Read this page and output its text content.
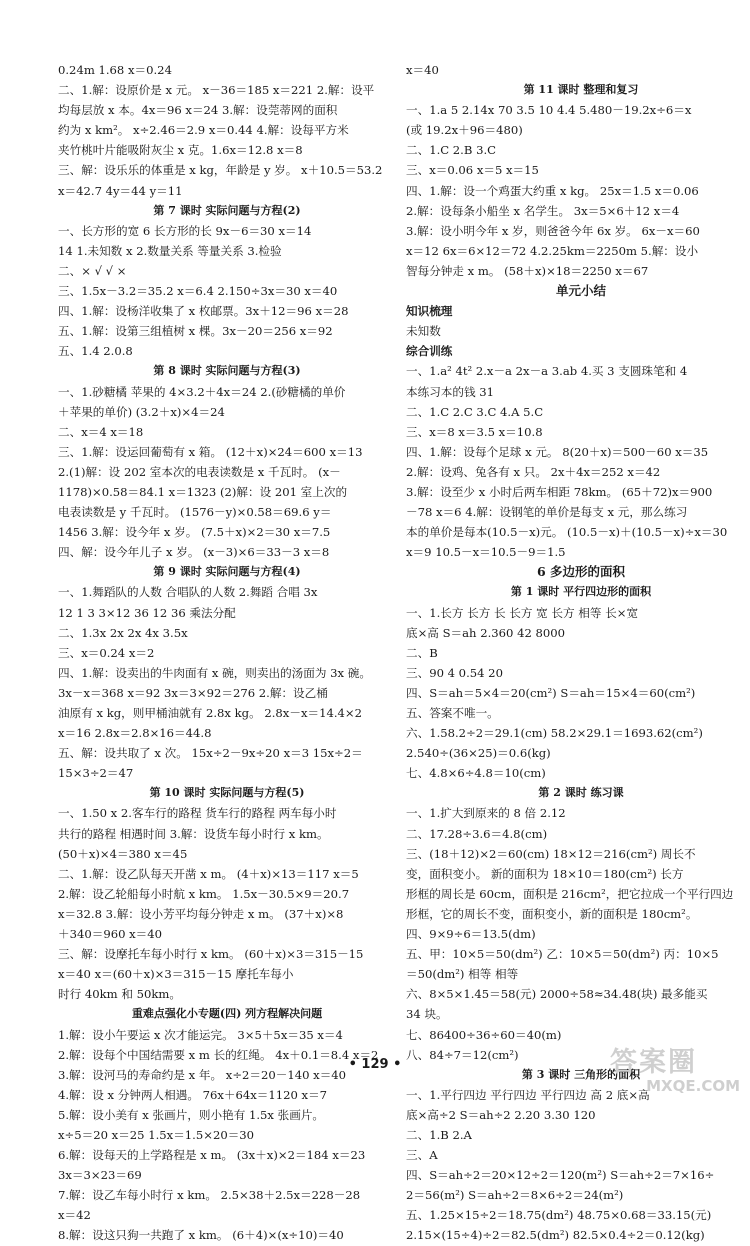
0.24m 1.68 x＝0.24
二、1.解：设原价是 x 元。 x－36＝185 x＝221 2.解：设平
均每层放 x 本。4x＝96 x＝24 3.解：设莞蒂网的面积
约为 x km²。 x÷2.46＝2.9 x＝0.44 4.解：设每平方米
夹竹桃叶片能吸附灰尘 x 克。1.6x＝12.8 x＝8
三、解：设乐乐的体重是 x kg，年龄是 y 岁。 x＋10.5＝53.2
x＝42.7 4y＝44 y＝11
第 7 课时 实际问题与方程(2)
一、长方形的宽 6 长方形的长 9x－6＝30 x＝14
14 1.未知数 x 2.数量关系 等量关系 3.检验
二、× √ √ ×
三、1.5x－3.2＝35.2 x＝6.4 2.150÷3x＝30 x＝40
四、1.解：设杨洋收集了 x 枚邮票。3x＋12＝96 x＝28
五、1.解：设第三组植树 x 棵。3x－20＝256 x＝92
五、1.4 2.0.8
第 8 课时 实际问题与方程(3)
一、1.砂糖橘 苹果的 4×3.2＋4x＝24 2.(砂糖橘的单价
＋苹果的单价) (3.2＋x)×4＝24
二、x＝4 x＝18
三、1.解：设运回葡萄有 x 箱。 (12＋x)×24＝600 x＝13
2.(1)解：设 202 室本次的电表读数是 x 千瓦时。 (x－
1178)×0.58＝84.1 x＝1323 (2)解：设 201 室上次的
电表读数是 y 千瓦时。 (1576－y)×0.58＝69.6 y＝
1456 3.解：设今年 x 岁。 (7.5＋x)×2＝30 x＝7.5
四、解：设今年儿子 x 岁。 (x－3)×6＝33－3 x＝8
第 9 课时 实际问题与方程(4)
一、1.舞蹈队的人数 合唱队的人数 2.舞蹈 合唱 3x
12 1 3 3×12 36 12 36 乘法分配
二、1.3x 2x 2x 4x 3.5x
三、x＝0.24 x＝2
四、1.解：设卖出的牛肉面有 x 碗，则卖出的汤面为 3x 碗。
3x－x＝368 x＝92 3x＝3×92＝276 2.解：设乙桶
油原有 x kg，则甲桶油就有 2.8x kg。 2.8x－x＝14.4×2
x＝16 2.8x＝2.8×16＝44.8
五、解：设共取了 x 次。 15x÷2－9x÷20 x＝3 15x÷2＝
15×3÷2＝47
第 10 课时 实际问题与方程(5)
一、1.50 x 2.客车行的路程 货车行的路程 两车每小时
共行的路程 相遇时间 3.解：设货车每小时行 x km。
(50＋x)×4＝380 x＝45
二、1.解：设乙队每天开凿 x m。 (4＋x)×13＝117 x＝5
2.解：设乙轮船每小时航 x km。 1.5x－30.5×9＝20.7
x＝32.8 3.解：设小芳平均每分钟走 x m。 (37＋x)×8
＋340＝960 x＝40
三、解：设摩托车每小时行 x km。 (60＋x)×3＝315－15
x＝40 x＝(60＋x)×3＝315－15 摩托车每小
时行 40km 和 50km。
重难点强化小专题(四) 列方程解决问题
1.解：设小午要运 x 次才能运完。 3×5＋5x＝35 x＝4
2.解：设每个中国结需要 x m 长的红绳。 4x＋0.1＝8.4 x＝2
3.解：设河马的寿命约是 x 年。 x÷2＝20－140 x＝40
4.解：设 x 分钟两人相遇。 76x＋64x＝1120 x＝7
5.解：设小美有 x 张画片，则小艳有 1.5x 张画片。
x÷5＝20 x＝25 1.5x＝1.5×20＝30
6.解：设每天的上学路程是 x m。 (3x＋x)×2＝184 x＝23
3x＝3×23＝69
7.解：设乙车每小时行 x km。 2.5×38＋2.5x＝228－28
x＝42
8.解：设这只狗一共跑了 x km。 (6＋4)×(x÷10)＝40
x＝40
第 11 课时 整理和复习
一、1.a 5 2.14x 70 3.5 10 4.4 5.480－19.2x÷6＝x
(或 19.2x＋96＝480)
二、1.C 2.B 3.C
三、x＝0.06 x＝5 x＝15
四、1.解：设一个鸡蛋大约重 x kg。 25x＝1.5 x＝0.06
2.解：设每条小船坐 x 名学生。 3x＝5×6＋12 x＝4
3.解：设小明今年 x 岁，则爸爸今年 6x 岁。 6x－x＝60
x＝12 6x＝6×12＝72 4.2.25km＝2250m 5.解：设小
智每分钟走 x m。 (58＋x)×18＝2250 x＝67
单元小结
知识梳理
未知数
综合训练
一、1.a² 4t² 2.x－a 2x－a 3.ab 4.买 3 支圆珠笔和 4
本练习本的钱 31
二、1.C 2.C 3.C 4.A 5.C
三、x＝8 x＝3.5 x＝10.8
四、1.解：设每个足球 x 元。 8(20＋x)＝500－60 x＝35
2.解：设鸡、兔各有 x 只。 2x＋4x＝252 x＝42
3.解：设至少 x 小时后两车相距 78km。 (65＋72)x＝900
－78 x＝6 4.解：设钢笔的单价是每支 x 元，那么练习
本的单价是每本(10.5－x)元。 (10.5－x)＋(10.5－x)÷x＝30
x＝9 10.5－x＝10.5－9＝1.5
6 多边形的面积
第 1 课时 平行四边形的面积
一、1.长方 长方 长 长方 宽 长方 相等 长×宽
底×高 S＝ah 2.360 42 8000
二、B
三、90 4 0.54 20
四、S＝ah＝5×4＝20(cm²) S＝ah＝15×4＝60(cm²)
五、答案不唯一。
六、1.58.2÷2＝29.1(cm) 58.2×29.1＝1693.62(cm²)
2.540÷(36×25)＝0.6(kg)
七、4.8×6÷4.8＝10(cm)
第 2 课时 练习课
一、1.扩大到原来的 8 倍 2.12
二、17.28÷3.6＝4.8(cm)
三、(18＋12)×2＝60(cm) 18×12＝216(cm²) 周长不
变，面积变小。 新的面积为 18×10＝180(cm²) 长方
形框的周长是 60cm，面积是 216cm²，把它拉成一个平行四边
形框，它的周长不变，面积变小，新的面积是 180cm²。
四、9×9÷6＝13.5(dm)
五、甲：10×5＝50(dm²) 乙：10×5＝50(dm²) 丙：10×5
＝50(dm²) 相等 相等
六、8×5×1.45＝58(元) 2000÷58≈34.48(块) 最多能买
34 块。
七、86400÷36÷60＝40(m)
八、84÷7＝12(cm²)
第 3 课时 三角形的面积
一、1.平行四边 平行四边 平行四边 高 2 底×高
底×高÷2 S＝ah÷2 2.20 3.30 120
二、1.B 2.A
三、A
四、S＝ah÷2＝20×12÷2＝120(m²) S＝ah÷2＝7×16÷
2＝56(m²) S＝ah÷2＝8×6÷2＝24(m²)
五、1.25×15÷2＝18.75(dm²) 48.75×0.68＝33.15(元)
2.15×(15÷4)÷2＝82.5(dm²) 82.5×0.4÷2＝0.12(kg)
• 129 •	答案圈
MXQE.COM
